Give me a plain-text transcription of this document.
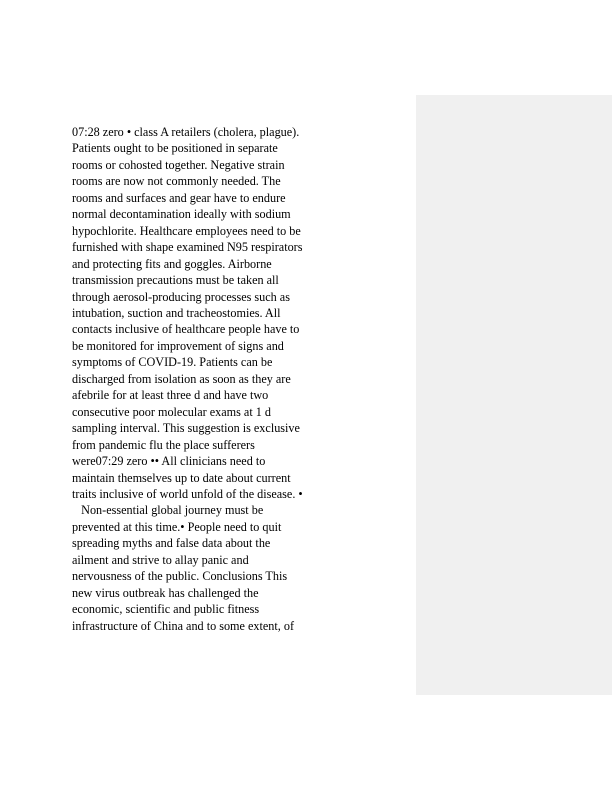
07:28 zero • class A retailers (cholera, plague).
Patients ought to be positioned in separate
rooms or cohosted together. Negative strain
rooms are now not commonly needed. The
rooms and surfaces and gear have to endure
normal decontamination ideally with sodium
hypochlorite. Healthcare employees need to be
furnished with shape examined N95 respirators
and protecting fits and goggles. Airborne
transmission precautions must be taken all
through aerosol-producing processes such as
intubation, suction and tracheostomies. All
contacts inclusive of healthcare people have to
be monitored for improvement of signs and
symptoms of COVID-19. Patients can be
discharged from isolation as soon as they are
afebrile for at least three d and have two
consecutive poor molecular exams at 1 d
sampling interval. This suggestion is exclusive
from pandemic flu the place sufferers
were07:29 zero •• All clinicians need to
maintain themselves up to date about current
traits inclusive of world unfold of the disease. •
Non-essential global journey must be
prevented at this time.• People need to quit
spreading myths and false data about the
ailment and strive to allay panic and
nervousness of the public. Conclusions This
new virus outbreak has challenged the
economic, scientific and public fitness
infrastructure of China and to some extent, of
